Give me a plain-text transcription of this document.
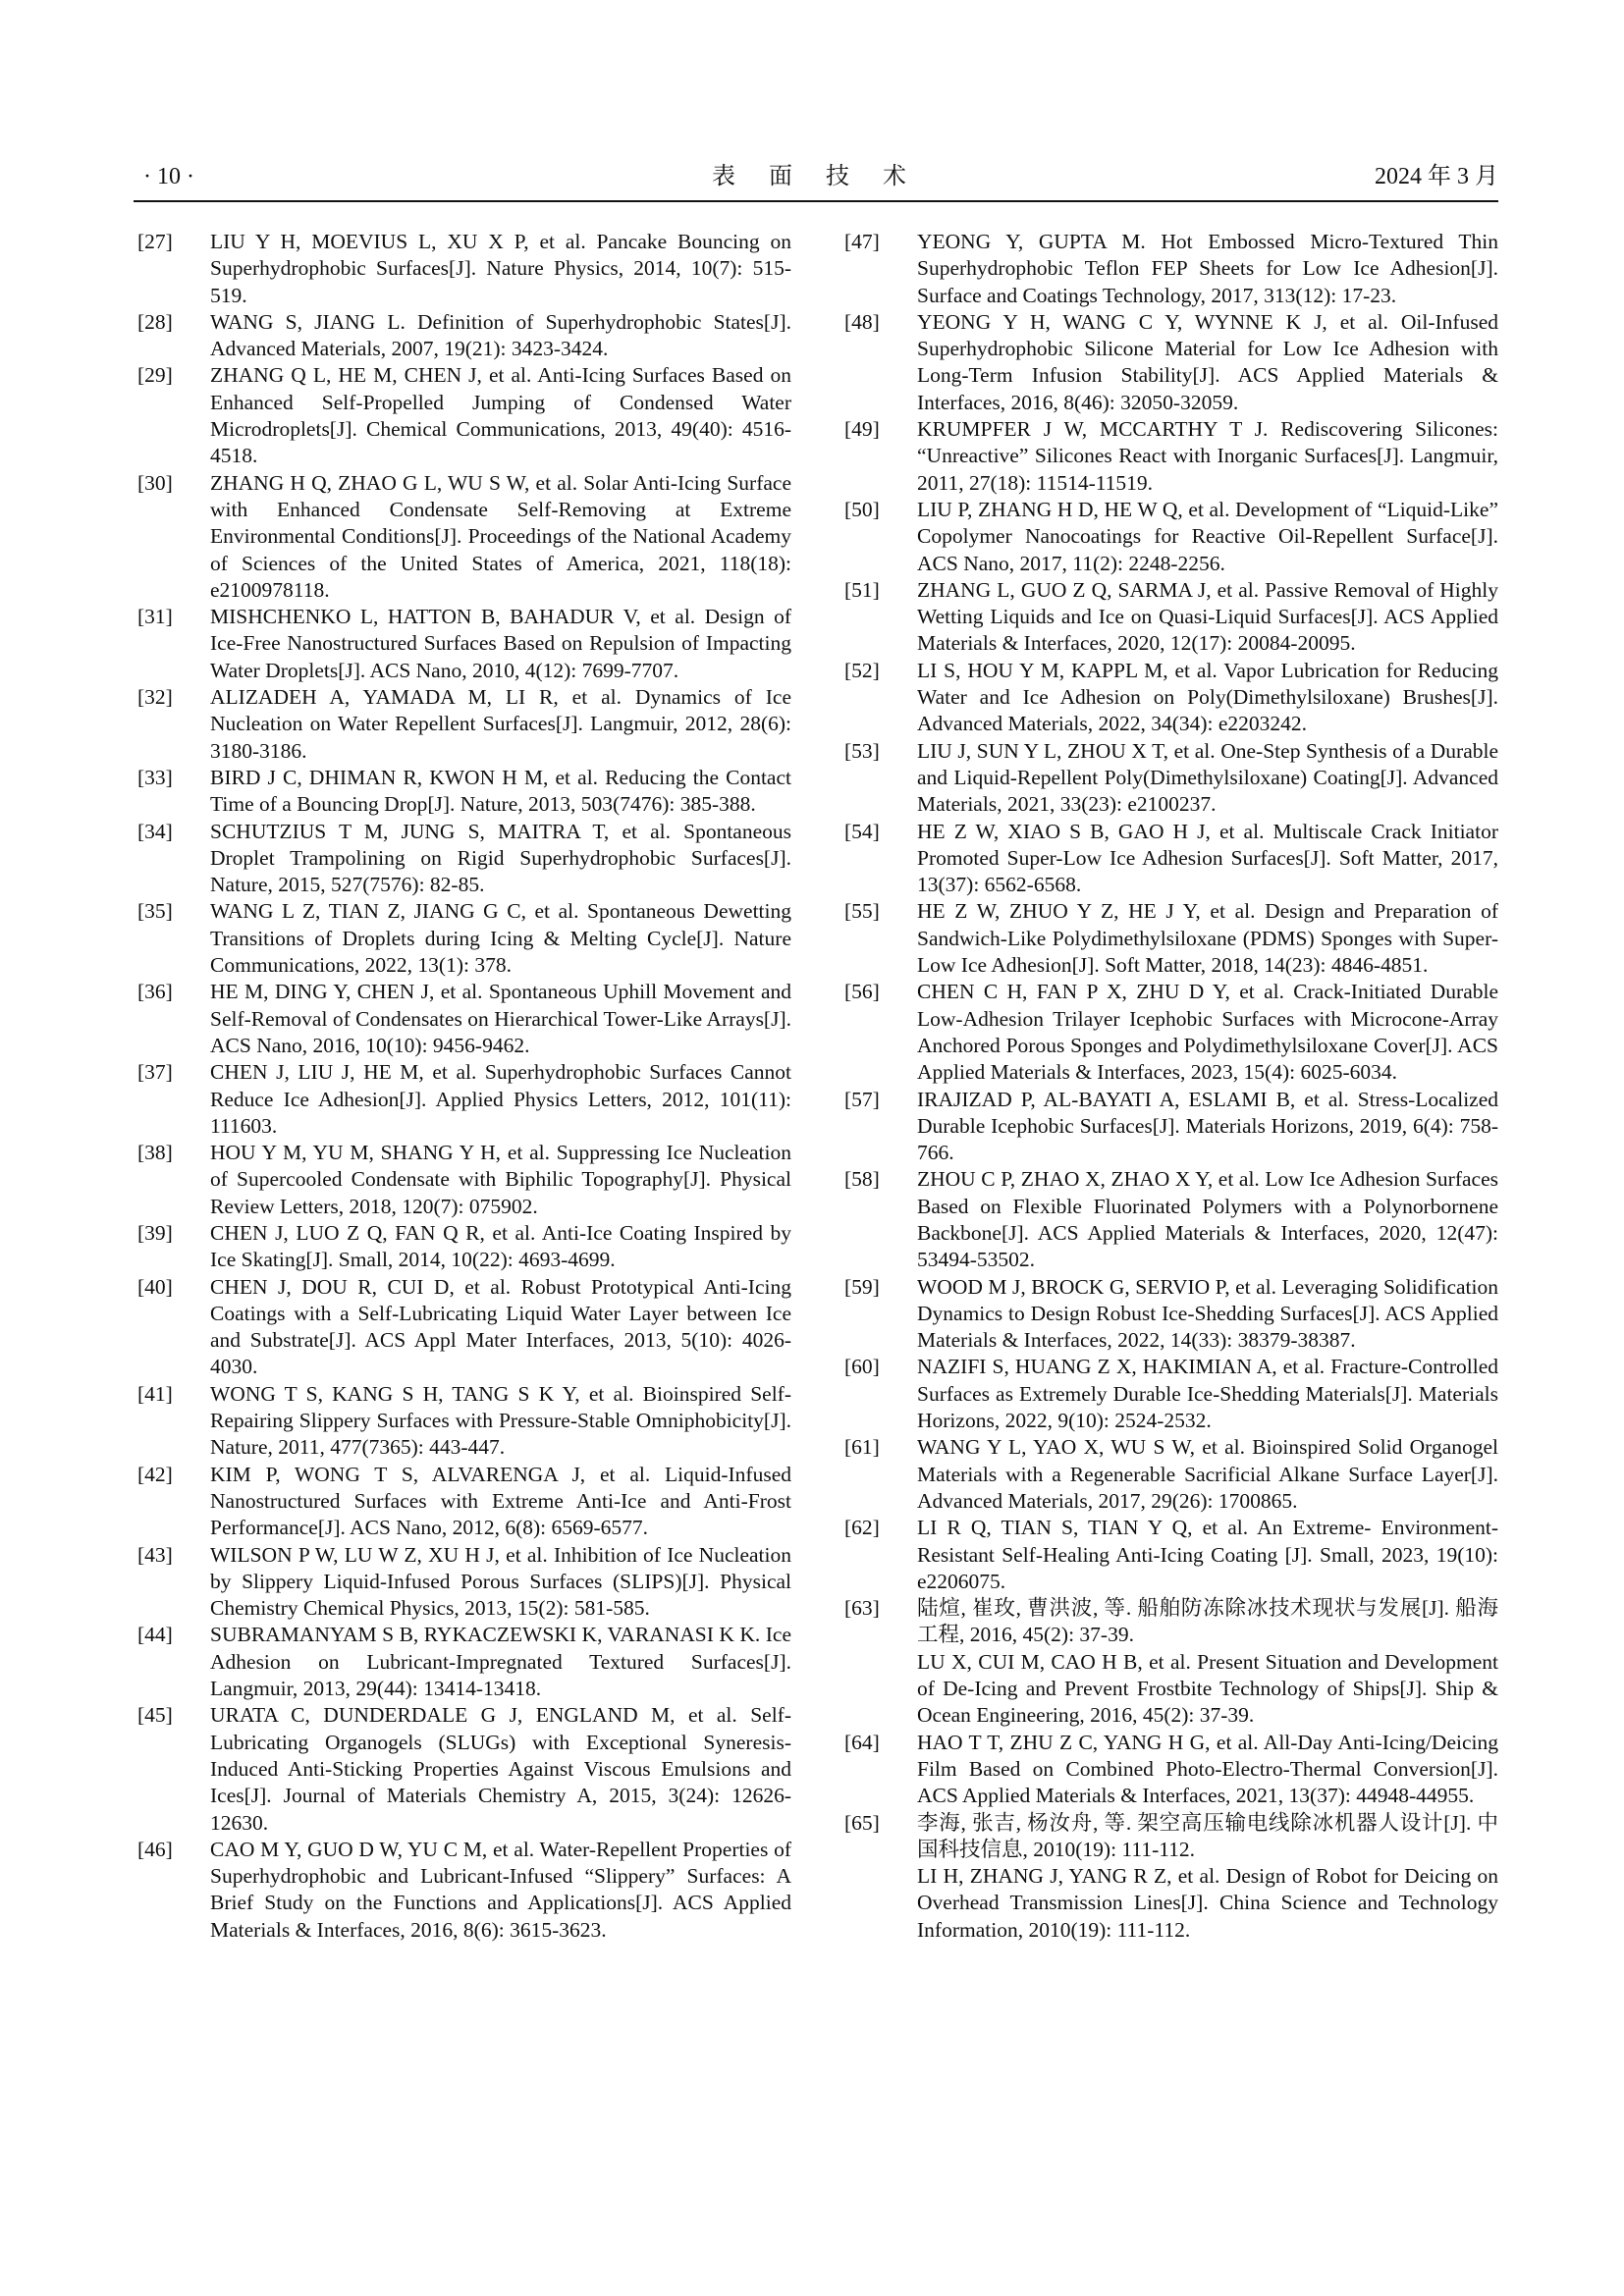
· 10 ·	表 面 技 术	2024 年 3 月
[27]	LIU Y H, MOEVIUS L, XU X P, et al. Pancake Bouncing on Superhydrophobic Surfaces[J]. Nature Physics, 2014, 10(7): 515-519.
[28]	WANG S, JIANG L. Definition of Superhydrophobic States[J]. Advanced Materials, 2007, 19(21): 3423-3424.
[29]	ZHANG Q L, HE M, CHEN J, et al. Anti-Icing Surfaces Based on Enhanced Self-Propelled Jumping of Condensed Water Microdroplets[J]. Chemical Communications, 2013, 49(40): 4516-4518.
[30]	ZHANG H Q, ZHAO G L, WU S W, et al. Solar Anti-Icing Surface with Enhanced Condensate Self-Removing at Extreme Environmental Conditions[J]. Proceedings of the National Academy of Sciences of the United States of America, 2021, 118(18): e2100978118.
[31]	MISHCHENKO L, HATTON B, BAHADUR V, et al. Design of Ice-Free Nanostructured Surfaces Based on Repulsion of Impacting Water Droplets[J]. ACS Nano, 2010, 4(12): 7699-7707.
[32]	ALIZADEH A, YAMADA M, LI R, et al. Dynamics of Ice Nucleation on Water Repellent Surfaces[J]. Langmuir, 2012, 28(6): 3180-3186.
[33]	BIRD J C, DHIMAN R, KWON H M, et al. Reducing the Contact Time of a Bouncing Drop[J]. Nature, 2013, 503(7476): 385-388.
[34]	SCHUTZIUS T M, JUNG S, MAITRA T, et al. Spontaneous Droplet Trampolining on Rigid Superhydrophobic Surfaces[J]. Nature, 2015, 527(7576): 82-85.
[35]	WANG L Z, TIAN Z, JIANG G C, et al. Spontaneous Dewetting Transitions of Droplets during Icing & Melting Cycle[J]. Nature Communications, 2022, 13(1): 378.
[36]	HE M, DING Y, CHEN J, et al. Spontaneous Uphill Movement and Self-Removal of Condensates on Hierarchical Tower-Like Arrays[J]. ACS Nano, 2016, 10(10): 9456-9462.
[37]	CHEN J, LIU J, HE M, et al. Superhydrophobic Surfaces Cannot Reduce Ice Adhesion[J]. Applied Physics Letters, 2012, 101(11): 111603.
[38]	HOU Y M, YU M, SHANG Y H, et al. Suppressing Ice Nucleation of Supercooled Condensate with Biphilic Topography[J]. Physical Review Letters, 2018, 120(7): 075902.
[39]	CHEN J, LUO Z Q, FAN Q R, et al. Anti-Ice Coating Inspired by Ice Skating[J]. Small, 2014, 10(22): 4693-4699.
[40]	CHEN J, DOU R, CUI D, et al. Robust Prototypical Anti-Icing Coatings with a Self-Lubricating Liquid Water Layer between Ice and Substrate[J]. ACS Appl Mater Interfaces, 2013, 5(10): 4026-4030.
[41]	WONG T S, KANG S H, TANG S K Y, et al. Bioinspired Self-Repairing Slippery Surfaces with Pressure-Stable Omniphobicity[J]. Nature, 2011, 477(7365): 443-447.
[42]	KIM P, WONG T S, ALVARENGA J, et al. Liquid-Infused Nanostructured Surfaces with Extreme Anti-Ice and Anti-Frost Performance[J]. ACS Nano, 2012, 6(8): 6569-6577.
[43]	WILSON P W, LU W Z, XU H J, et al. Inhibition of Ice Nucleation by Slippery Liquid-Infused Porous Surfaces (SLIPS)[J]. Physical Chemistry Chemical Physics, 2013, 15(2): 581-585.
[44]	SUBRAMANYAM S B, RYKACZEWSKI K, VARANASI K K. Ice Adhesion on Lubricant-Impregnated Textured Surfaces[J]. Langmuir, 2013, 29(44): 13414-13418.
[45]	URATA C, DUNDERDALE G J, ENGLAND M, et al. Self-Lubricating Organogels (SLUGs) with Exceptional Syneresis-Induced Anti-Sticking Properties Against Viscous Emulsions and Ices[J]. Journal of Materials Chemistry A, 2015, 3(24): 12626-12630.
[46]	CAO M Y, GUO D W, YU C M, et al. Water-Repellent Properties of Superhydrophobic and Lubricant-Infused “Slippery” Surfaces: A Brief Study on the Functions and Applications[J]. ACS Applied Materials & Interfaces, 2016, 8(6): 3615-3623.
[47]	YEONG Y, GUPTA M. Hot Embossed Micro-Textured Thin Superhydrophobic Teflon FEP Sheets for Low Ice Adhesion[J]. Surface and Coatings Technology, 2017, 313(12): 17-23.
[48]	YEONG Y H, WANG C Y, WYNNE K J, et al. Oil-Infused Superhydrophobic Silicone Material for Low Ice Adhesion with Long-Term Infusion Stability[J]. ACS Applied Materials & Interfaces, 2016, 8(46): 32050-32059.
[49]	KRUMPFER J W, MCCARTHY T J. Rediscovering Silicones: “Unreactive” Silicones React with Inorganic Surfaces[J]. Langmuir, 2011, 27(18): 11514-11519.
[50]	LIU P, ZHANG H D, HE W Q, et al. Development of “Liquid-Like” Copolymer Nanocoatings for Reactive Oil-Repellent Surface[J]. ACS Nano, 2017, 11(2): 2248-2256.
[51]	ZHANG L, GUO Z Q, SARMA J, et al. Passive Removal of Highly Wetting Liquids and Ice on Quasi-Liquid Surfaces[J]. ACS Applied Materials & Interfaces, 2020, 12(17): 20084-20095.
[52]	LI S, HOU Y M, KAPPL M, et al. Vapor Lubrication for Reducing Water and Ice Adhesion on Poly(Dimethylsiloxane) Brushes[J]. Advanced Materials, 2022, 34(34): e2203242.
[53]	LIU J, SUN Y L, ZHOU X T, et al. One-Step Synthesis of a Durable and Liquid-Repellent Poly(Dimethylsiloxane) Coating[J]. Advanced Materials, 2021, 33(23): e2100237.
[54]	HE Z W, XIAO S B, GAO H J, et al. Multiscale Crack Initiator Promoted Super-Low Ice Adhesion Surfaces[J]. Soft Matter, 2017, 13(37): 6562-6568.
[55]	HE Z W, ZHUO Y Z, HE J Y, et al. Design and Preparation of Sandwich-Like Polydimethylsiloxane (PDMS) Sponges with Super-Low Ice Adhesion[J]. Soft Matter, 2018, 14(23): 4846-4851.
[56]	CHEN C H, FAN P X, ZHU D Y, et al. Crack-Initiated Durable Low-Adhesion Trilayer Icephobic Surfaces with Microcone-Array Anchored Porous Sponges and Polydimethylsiloxane Cover[J]. ACS Applied Materials & Interfaces, 2023, 15(4): 6025-6034.
[57]	IRAJIZAD P, AL-BAYATI A, ESLAMI B, et al. Stress-Localized Durable Icephobic Surfaces[J]. Materials Horizons, 2019, 6(4): 758-766.
[58]	ZHOU C P, ZHAO X, ZHAO X Y, et al. Low Ice Adhesion Surfaces Based on Flexible Fluorinated Polymers with a Polynorbornene Backbone[J]. ACS Applied Materials & Interfaces, 2020, 12(47): 53494-53502.
[59]	WOOD M J, BROCK G, SERVIO P, et al. Leveraging Solidification Dynamics to Design Robust Ice-Shedding Surfaces[J]. ACS Applied Materials & Interfaces, 2022, 14(33): 38379-38387.
[60]	NAZIFI S, HUANG Z X, HAKIMIAN A, et al. Fracture-Controlled Surfaces as Extremely Durable Ice-Shedding Materials[J]. Materials Horizons, 2022, 9(10): 2524-2532.
[61]	WANG Y L, YAO X, WU S W, et al. Bioinspired Solid Organogel Materials with a Regenerable Sacrificial Alkane Surface Layer[J]. Advanced Materials, 2017, 29(26): 1700865.
[62]	LI R Q, TIAN S, TIAN Y Q, et al. An Extreme- Environment-Resistant Self-Healing Anti-Icing Coating [J]. Small, 2023, 19(10): e2206075.
[63]	陆煊, 崔玫, 曹洪波, 等. 船舶防冻除冰技术现状与发展[J]. 船海工程, 2016, 45(2): 37-39.
LU X, CUI M, CAO H B, et al. Present Situation and Development of De-Icing and Prevent Frostbite Technology of Ships[J]. Ship & Ocean Engineering, 2016, 45(2): 37-39.
[64]	HAO T T, ZHU Z C, YANG H G, et al. All-Day Anti-Icing/Deicing Film Based on Combined Photo-Electro-Thermal Conversion[J]. ACS Applied Materials & Interfaces, 2021, 13(37): 44948-44955.
[65]	李海, 张吉, 杨汝舟, 等. 架空高压输电线除冰机器人设计[J]. 中国科技信息, 2010(19): 111-112.
LI H, ZHANG J, YANG R Z, et al. Design of Robot for Deicing on Overhead Transmission Lines[J]. China Science and Technology Information, 2010(19): 111-112.
